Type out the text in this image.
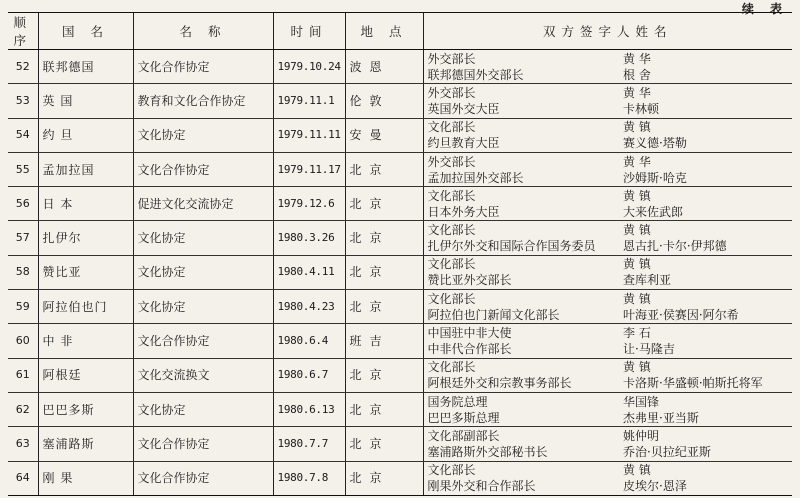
续 表
顺序	国 名	名 称	时间	地 点	双方签字人姓名
52	联邦德国	文化合作协定	1979.10.24	波恩	外交部长 黄 华
联邦德国外交部长 根 舍

53	英 国	教育和文化合作协定	1979.11.1	伦敦	外交部长 黄 华
英国外交大臣 卡林顿

54	约 旦	文化协定	1979.11.11	安曼	文化部长 黄 镇
约旦教育大臣 赛义德·塔勒

55	孟加拉国	文化合作协定	1979.11.17	北京	外交部长 黄 华
孟加拉国外交部长 沙姆斯·哈克

56	日 本	促进文化交流协定	1979.12.6	北京	文化部长 黄 镇
日本外务大臣 大来佐武郎

57	扎伊尔	文化协定	1980.3.26	北京	文化部长 黄 镇
扎伊尔外交和国际合作国务委员 恩古扎·卡尔·伊邦德

58	赞比亚	文化协定	1980.4.11	北京	文化部长 黄 镇
赞比亚外交部长 查库利亚

59	阿拉伯也门	文化协定	1980.4.23	北京	文化部长 黄 镇
阿拉伯也门新闻文化部长 叶海亚·侯赛因·阿尔希

60	中 非	文化合作协定	1980.6.4	班吉	中国驻中非大使 李 石
中非代合作部长 让·马隆吉

61	阿根廷	文化交流换文	1980.6.7	北京	文化部长 黄 镇
阿根廷外交和宗教事务部长 卡洛斯·华盛顿·帕斯托将军

62	巴巴多斯	文化协定	1980.6.13	北京	国务院总理 华国锋
巴巴多斯总理 杰弗里·亚当斯

63	塞浦路斯	文化合作协定	1980.7.7	北京	文化部副部长 姚仲明
塞浦路斯外交部秘书长 乔治·贝拉纪亚斯

64	刚 果	文化合作协定	1980.7.8	北京	文化部长 黄 镇
刚果外交和合作部长 皮埃尔·恩泽
